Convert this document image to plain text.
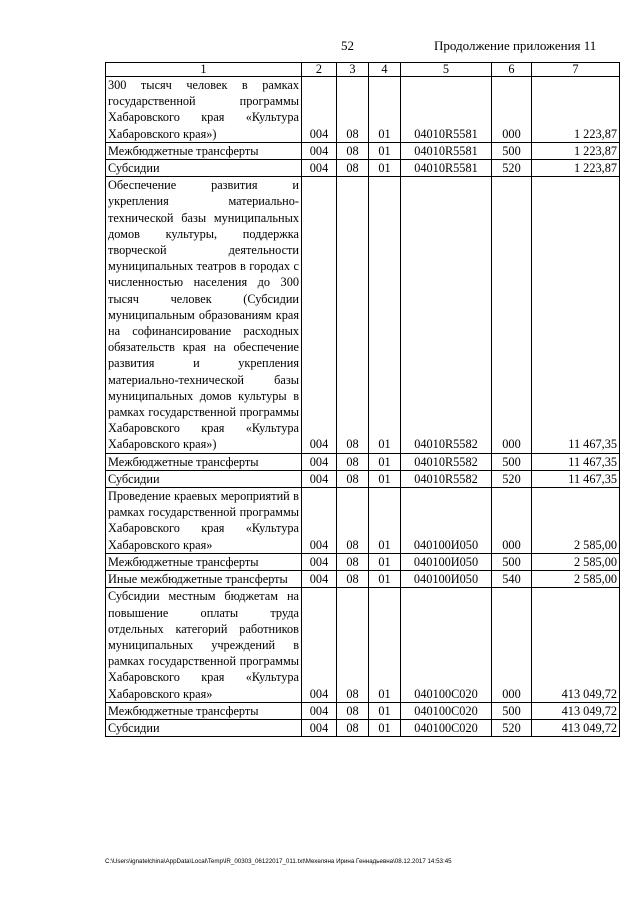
52	Продолжение приложения 11
1	2	3	4	5	6	7
300 тысяч человек в рамках государственной программы Хабаровского края «Культура Хабаровского края»)	004	08	01	04010R5581	000	1 223,87
Межбюджетные трансферты	004	08	01	04010R5581	500	1 223,87
Субсидии	004	08	01	04010R5581	520	1 223,87
Обеспечение развития и укрепления материально-технической базы муниципальных домов культуры, поддержка творческой деятельности муниципальных театров в городах с численностью населения до 300 тысяч человек (Субсидии муниципальным образованиям края на софинансирование расходных обязательств края на обеспечение развития и укрепления материально-технической базы муниципальных домов культуры в рамках государственной программы Хабаровского края «Культура Хабаровского края»)	004	08	01	04010R5582	000	11 467,35
Межбюджетные трансферты	004	08	01	04010R5582	500	11 467,35
Субсидии	004	08	01	04010R5582	520	11 467,35
Проведение краевых мероприятий в рамках государственной программы Хабаровского края «Культура Хабаровского края»	004	08	01	040100И050	000	2 585,00
Межбюджетные трансферты	004	08	01	040100И050	500	2 585,00
Иные межбюджетные трансферты	004	08	01	040100И050	540	2 585,00
Субсидии местным бюджетам на повышение оплаты труда отдельных категорий работников муниципальных учреждений в рамках государственной программы Хабаровского края «Культура Хабаровского края»	004	08	01	040100С020	000	413 049,72
Межбюджетные трансферты	004	08	01	040100С020	500	413 049,72
Субсидии	004	08	01	040100С020	520	413 049,72
C:\Users\ignatelchina\AppData\Local\Temp\IR_00303_06122017_011.txt\Мехеляна Ирина Геннадьевна\08.12.2017 14:53:45
